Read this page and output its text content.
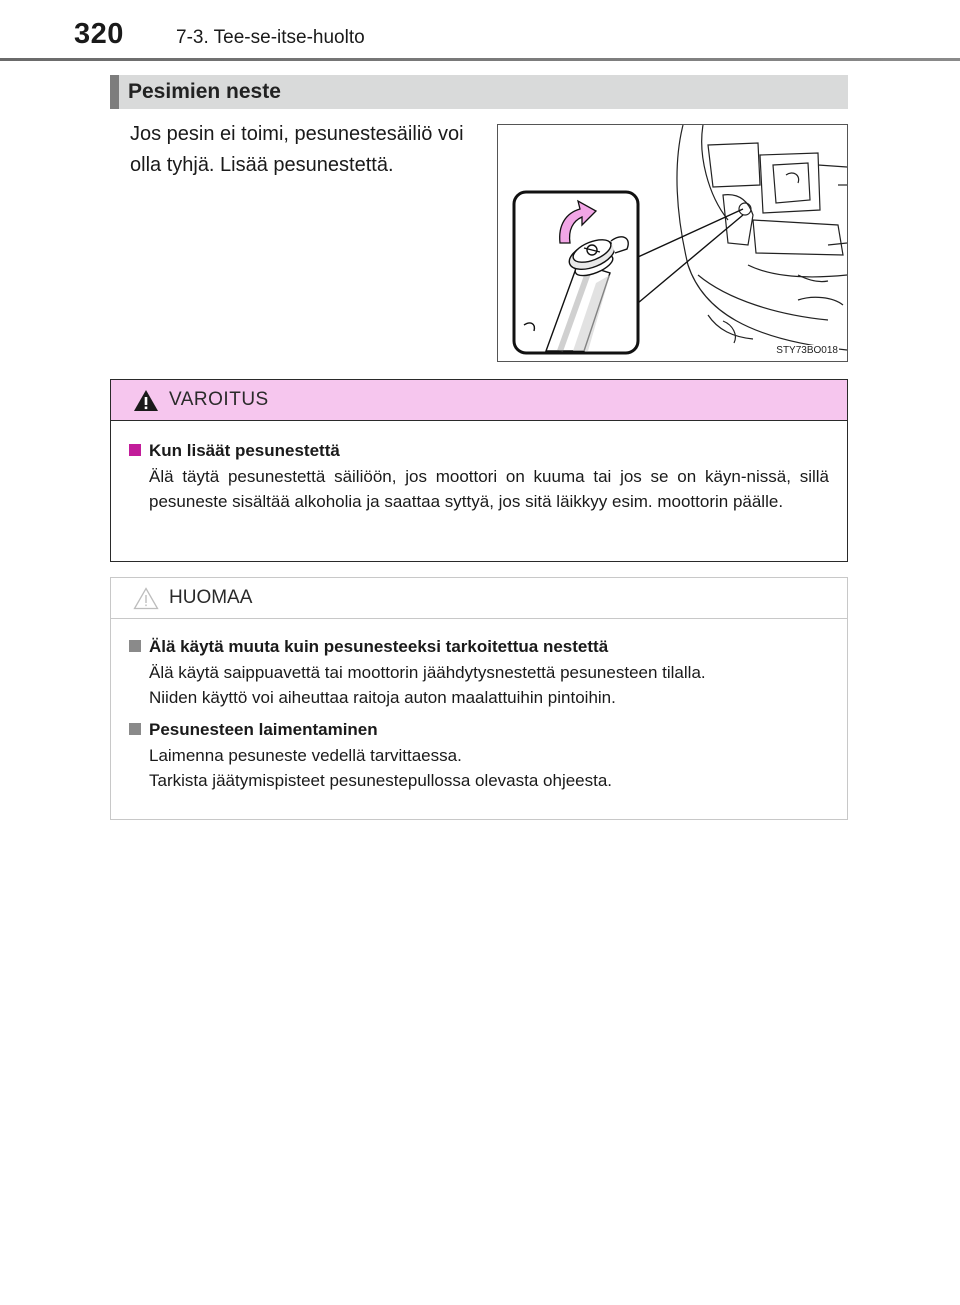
320	7-3. Tee-se-itse-huolto
Pesimien neste
Jos pesin ei toimi, pesunestesäiliö voi olla tyhjä. Lisää pesunestettä.
STY73BO018
VAROITUS
Kun lisäät pesunestettä
Älä täytä pesunestettä säiliöön, jos moottori on kuuma tai jos se on käyn-nissä, sillä pesuneste sisältää alkoholia ja saattaa syttyä, jos sitä läikkyy esim. moottorin päälle.
HUOMAA
Älä käytä muuta kuin pesunesteeksi tarkoitettua nestettä
Älä käytä saippuavettä tai moottorin jäähdytysnestettä pesunesteen tilalla.
Niiden käyttö voi aiheuttaa raitoja auton maalattuihin pintoihin.
Pesunesteen laimentaminen
Laimenna pesuneste vedellä tarvittaessa.
Tarkista jäätymispisteet pesunestepullossa olevasta ohjeesta.
